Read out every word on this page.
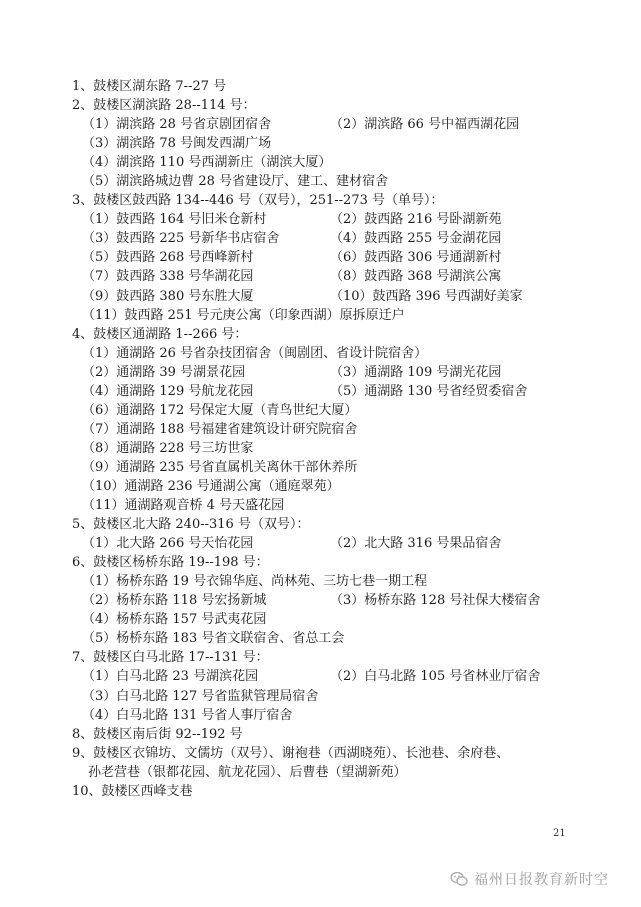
1、鼓楼区湖东路 7--27 号
2、鼓楼区湖滨路 28--114 号：
（1）湖滨路 28 号省京剧团宿舍	（2）湖滨路 66 号中福西湖花园
（3）湖滨路 78 号闽发西湖广场
（4）湖滨路 110 号西湖新庄（湖滨大厦）
（5）湖滨路城边曹 28 号省建设厅、建工、建材宿舍
3、鼓楼区鼓西路 134--446 号（双号），251--273 号（单号）：
（1）鼓西路 164 号旧米仓新村	（2）鼓西路 216 号卧湖新苑
（3）鼓西路 225 号新华书店宿舍	（4）鼓西路 255 号金湖花园
（5）鼓西路 268 号西峰新村	（6）鼓西路 306 号通湖新村
（7）鼓西路 338 号华湖花园	（8）鼓西路 368 号湖滨公寓
（9）鼓西路 380 号东胜大厦	（10）鼓西路 396 号西湖好美家
（11）鼓西路 251 号元庚公寓（印象西湖）原拆原迁户
4、鼓楼区通湖路 1--266 号：
（1）通湖路 26 号省杂技团宿舍（闽剧团、省设计院宿舍）
（2）通湖路 39 号湖景花园	（3）通湖路 109 号湖光花园
（4）通湖路 129 号航龙花园	（5）通湖路 130 号省经贸委宿舍
（6）通湖路 172 号保定大厦（青鸟世纪大厦）
（7）通湖路 188 号福建省建筑设计研究院宿舍
（8）通湖路 228 号三坊世家
（9）通湖路 235 号省直属机关离休干部休养所
（10）通湖路 236 号通湖公寓（通庭翠苑）
（11）通湖路观音桥 4 号天盛花园
5、鼓楼区北大路 240--316 号（双号）：
（1）北大路 266 号天怡花园	（2）北大路 316 号果品宿舍
6、鼓楼区杨桥东路 19--198 号：
（1）杨桥东路 19 号衣锦华庭、尚林苑、三坊七巷一期工程
（2）杨桥东路 118 号宏扬新城	（3）杨桥东路 128 号社保大楼宿舍
（4）杨桥东路 157 号武夷花园
（5）杨桥东路 183 号省文联宿舍、省总工会
7、鼓楼区白马北路 17--131 号：
（1）白马北路 23 号湖滨花园	（2）白马北路 105 号省林业厅宿舍
（3）白马北路 127 号省监狱管理局宿舍
（4）白马北路 131 号省人事厅宿舍
8、鼓楼区南后街 92--192 号
9、鼓楼区衣锦坊、文儒坊（双号）、谢袍巷（西湖晓苑）、长池巷、余府巷、
孙老营巷（银都花园、航龙花园）、后曹巷（望湖新苑）
10、鼓楼区西峰支巷
21
福州日报教育新时空
